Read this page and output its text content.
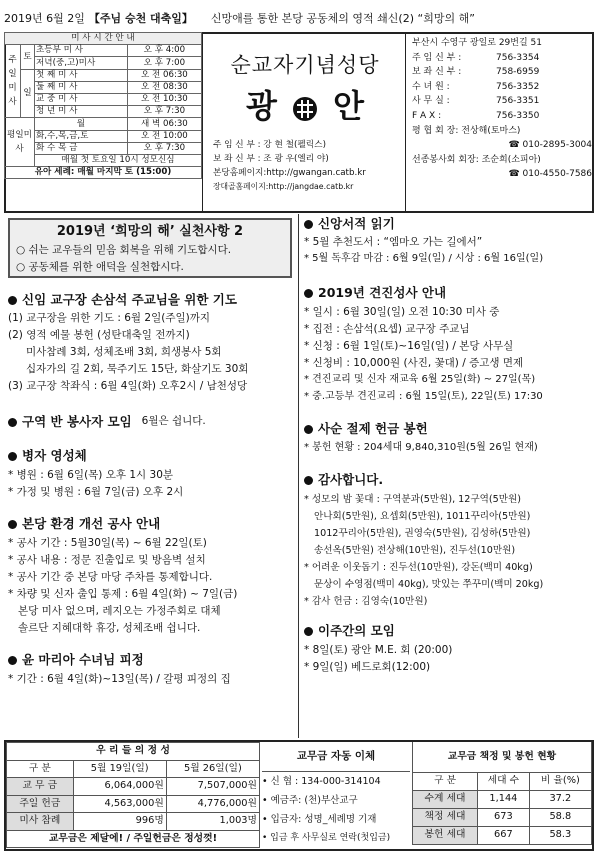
2019년 6월 2일 【주님 승천 대축일】 신망애를 통한 본당 공동체의 영적 쇄신(2) “희망의 해”
미 사 시 간 안 내			
주일미사	토	초등부 미 사	오 후 4:00
		저녁(중,고)미사	오 후 7:00
	일	첫 째 미 사	오 전 06:30
		둘 째 미 사	오 전 08:30
		교 중 미 사	오 전 10:30
		청 년 미 사	오 후 7:30
평일미사		월	새 벽 06:30
		화,수,목,금,토	오 전 10:00
		화 수 목 금	오 후 7:30
		매월 첫 토요일 10시 성모신심	
유아 세례: 매월 마지막 토 (15:00)			
순교자기념성당
광 안
주 임 신 부 : 강 현 철(펠릭스)
보 좌 신 부 : 조 광 우(엘리 야)
본당홈페이지:http://gwangan.catb.kr
장대골홈페이지:http://jangdae.catb.kr
부산시 수영구 광일로 29번길 51
주 임 신 부 :	756-3354
보 좌 신 부 :	758-6959
수 녀 원 :	756-3352
사 무 실 :	756-3351
F A X :	756-3350
평 협 회 장: 전상해(토마스)
☎ 010-2895-3004
선종봉사회 회장: 조순희(소피아)
☎ 010-4550-7586
2019년 ‘희망의 해’ 실천사항 2
○ 쉬는 교우들의 믿음 회복을 위해 기도합시다.
○ 공동체를 위한 애덕을 실천합시다.
신임 교구장 손삼석 주교님을 위한 기도
(1) 교구장을 위한 기도 : 6월 2일(주일)까지
(2) 영적 예물 봉헌 (성탄대축일 전까지)
미사참례 3회, 성체조배 3회, 희생봉사 5회
십자가의 길 2회, 묵주기도 15단, 화살기도 30회
(3) 교구장 착좌식 : 6월 4일(화) 오후2시 / 남천성당
구역 반 봉사자 모임 6월은 쉽니다.
병자 영성체
* 병원 : 6월 6일(목) 오후 1시 30분
* 가정 및 병원 : 6월 7일(금) 오후 2시
본당 환경 개선 공사 안내
* 공사 기간 : 5월30일(목) ~ 6월 22일(토)
* 공사 내용 : 정문 진출입로 및 방음벽 설치
* 공사 기간 중 본당 마당 주차를 통제합니다.
* 차량 및 신자 출입 통제 : 6월 4일(화) ~ 7일(금)
본당 미사 없으며, 레지오는 가정주회로 대체
솔르단 지혜대학 휴강, 성체조배 쉽니다.
윤 마리아 수녀님 피정
* 기간 : 6월 4일(화)~13일(목) / 갈평 피정의 집
신앙서적 읽기
* 5월 추천도서 : “엠마오 가는 길에서”
* 5월 독후감 마감 : 6월 9일(일) / 시상 : 6월 16일(일)
2019년 견진성사 안내
* 일시 : 6월 30일(일) 오전 10:30 미사 중
* 집전 : 손삼석(요셉) 교구장 주교님
* 신청 : 6월 1일(토)~16일(일) / 본당 사무실
* 신청비 : 10,000원 (사진, 꽃대) / 증고생 면제
* 견진교리 및 신자 재교육 6월 25일(화) ~ 27일(목)
* 중.고등부 견진교리 : 6월 15일(토), 22일(토) 17:30
사순 절제 헌금 봉헌
* 봉헌 현황 : 204세대 9,840,310원(5월 26일 현재)
감사합니다.
* 성모의 밤 꽃대 : 구역분과(5만원), 12구역(5만원)
안나회(5만원), 요셉회(5만원), 1011꾸리아(5만원)
1012꾸리아(5만원), 권영숙(5만원), 김성하(5만원)
송선옥(5만원) 전상해(10만원), 진두선(10만원)
* 어려운 이웃돕기 : 진두선(10만원), 강돈(백미 40kg)
문상이 수영점(백미 40kg), 맛있는 쭈꾸미(백미 20kg)
* 감사 헌금 : 김영숙(10만원)
이주간의 모임
* 8일(토) 광안 M.E. 회 (20:00)
* 9일(일) 베드로회(12:00)
우 리 들 의 정 성		
구 분	5월 19일(일)	5월 26일(일)
교 무 금	6,064,000원	7,507,000원
주일 헌금	4,563,000원	4,776,000원
미사 참례	996명	1,003명
교무금은 제달에! / 주일헌금은 정성껏!		
교무금 자동 이체
• 신 협 : 134-000-314104
• 예금주: (천)부산교구
• 입금자: 성명_세례명 기재
• 입금 후 사무실로 연락(첫입금)
교무금 책정 및 봉헌 현황		
구 분	세대 수	비 율(%)
수계 세대	1,144	37.2
책정 세대	673	58.8
봉헌 세대	667	58.3
